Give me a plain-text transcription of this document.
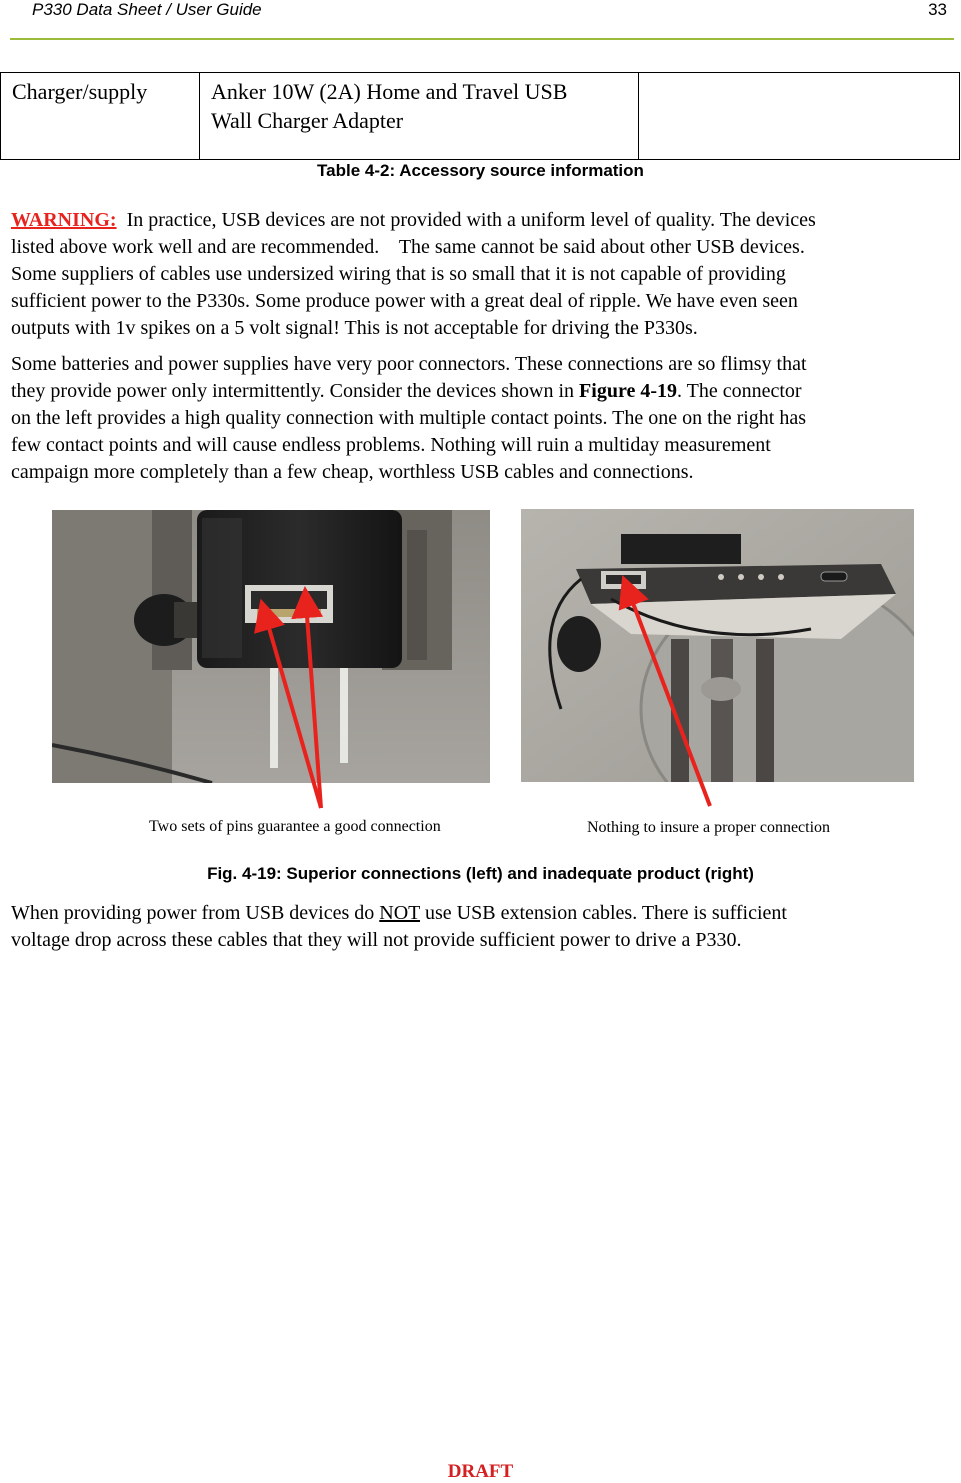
P330 Data Sheet / User Guide	33
Charger/supply	Anker 10W (2A) Home and Travel USB
Wall Charger Adapter	
Table 4-2: Accessory source information
WARNING: In practice, USB devices are not provided with a uniform level of quality. The devices
listed above work well and are recommended.    The same cannot be said about other USB devices.
Some suppliers of cables use undersized wiring that is so small that it is not capable of providing
sufficient power to the P330s. Some produce power with a great deal of ripple. We have even seen
outputs with 1v spikes on a 5 volt signal! This is not acceptable for driving the P330s.
Some batteries and power supplies have very poor connectors. These connections are so flimsy that
they provide power only intermittently. Consider the devices shown in Figure 4-19. The connector
on the left provides a high quality connection with multiple contact points. The one on the right has
few contact points and will cause endless problems. Nothing will ruin a multiday measurement
campaign more completely than a few cheap, worthless USB cables and connections.
Two sets of pins guarantee a good connection	Nothing to insure a proper connection
Fig. 4-19: Superior connections (left) and inadequate product (right)
When providing power from USB devices do NOT use USB extension cables. There is sufficient
voltage drop across these cables that they will not provide sufficient power to drive a P330.
DRAFT
